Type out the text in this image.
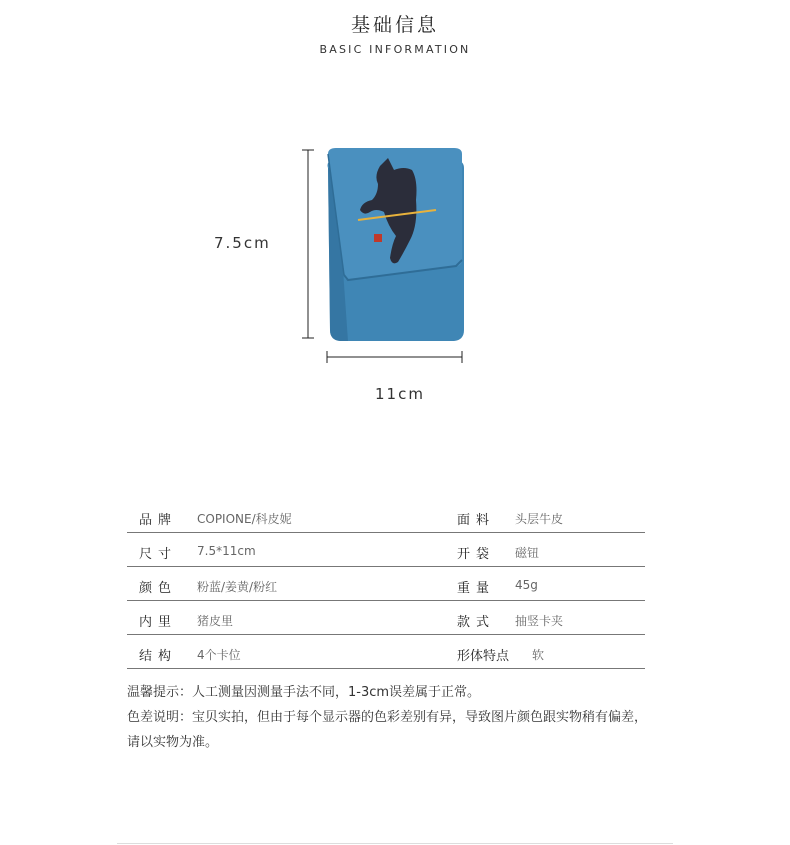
基础信息
BASIC INFORMATION
7.5cm
11cm
品牌 COPIONE/科皮妮	面料 头层牛皮
尺寸 7.5*11cm	开袋 磁钮
颜色 粉蓝/姜黄/粉红	重量 45g
内里 猪皮里	款式 抽竖卡夹
结构 4个卡位	形体特点 软

温馨提示：人工测量因测量手法不同，1-3cm误差属于正常。

色差说明：宝贝实拍，但由于每个显示器的色彩差别有异，导致图片颜色跟实物稍有偏差，请以实物为准。
